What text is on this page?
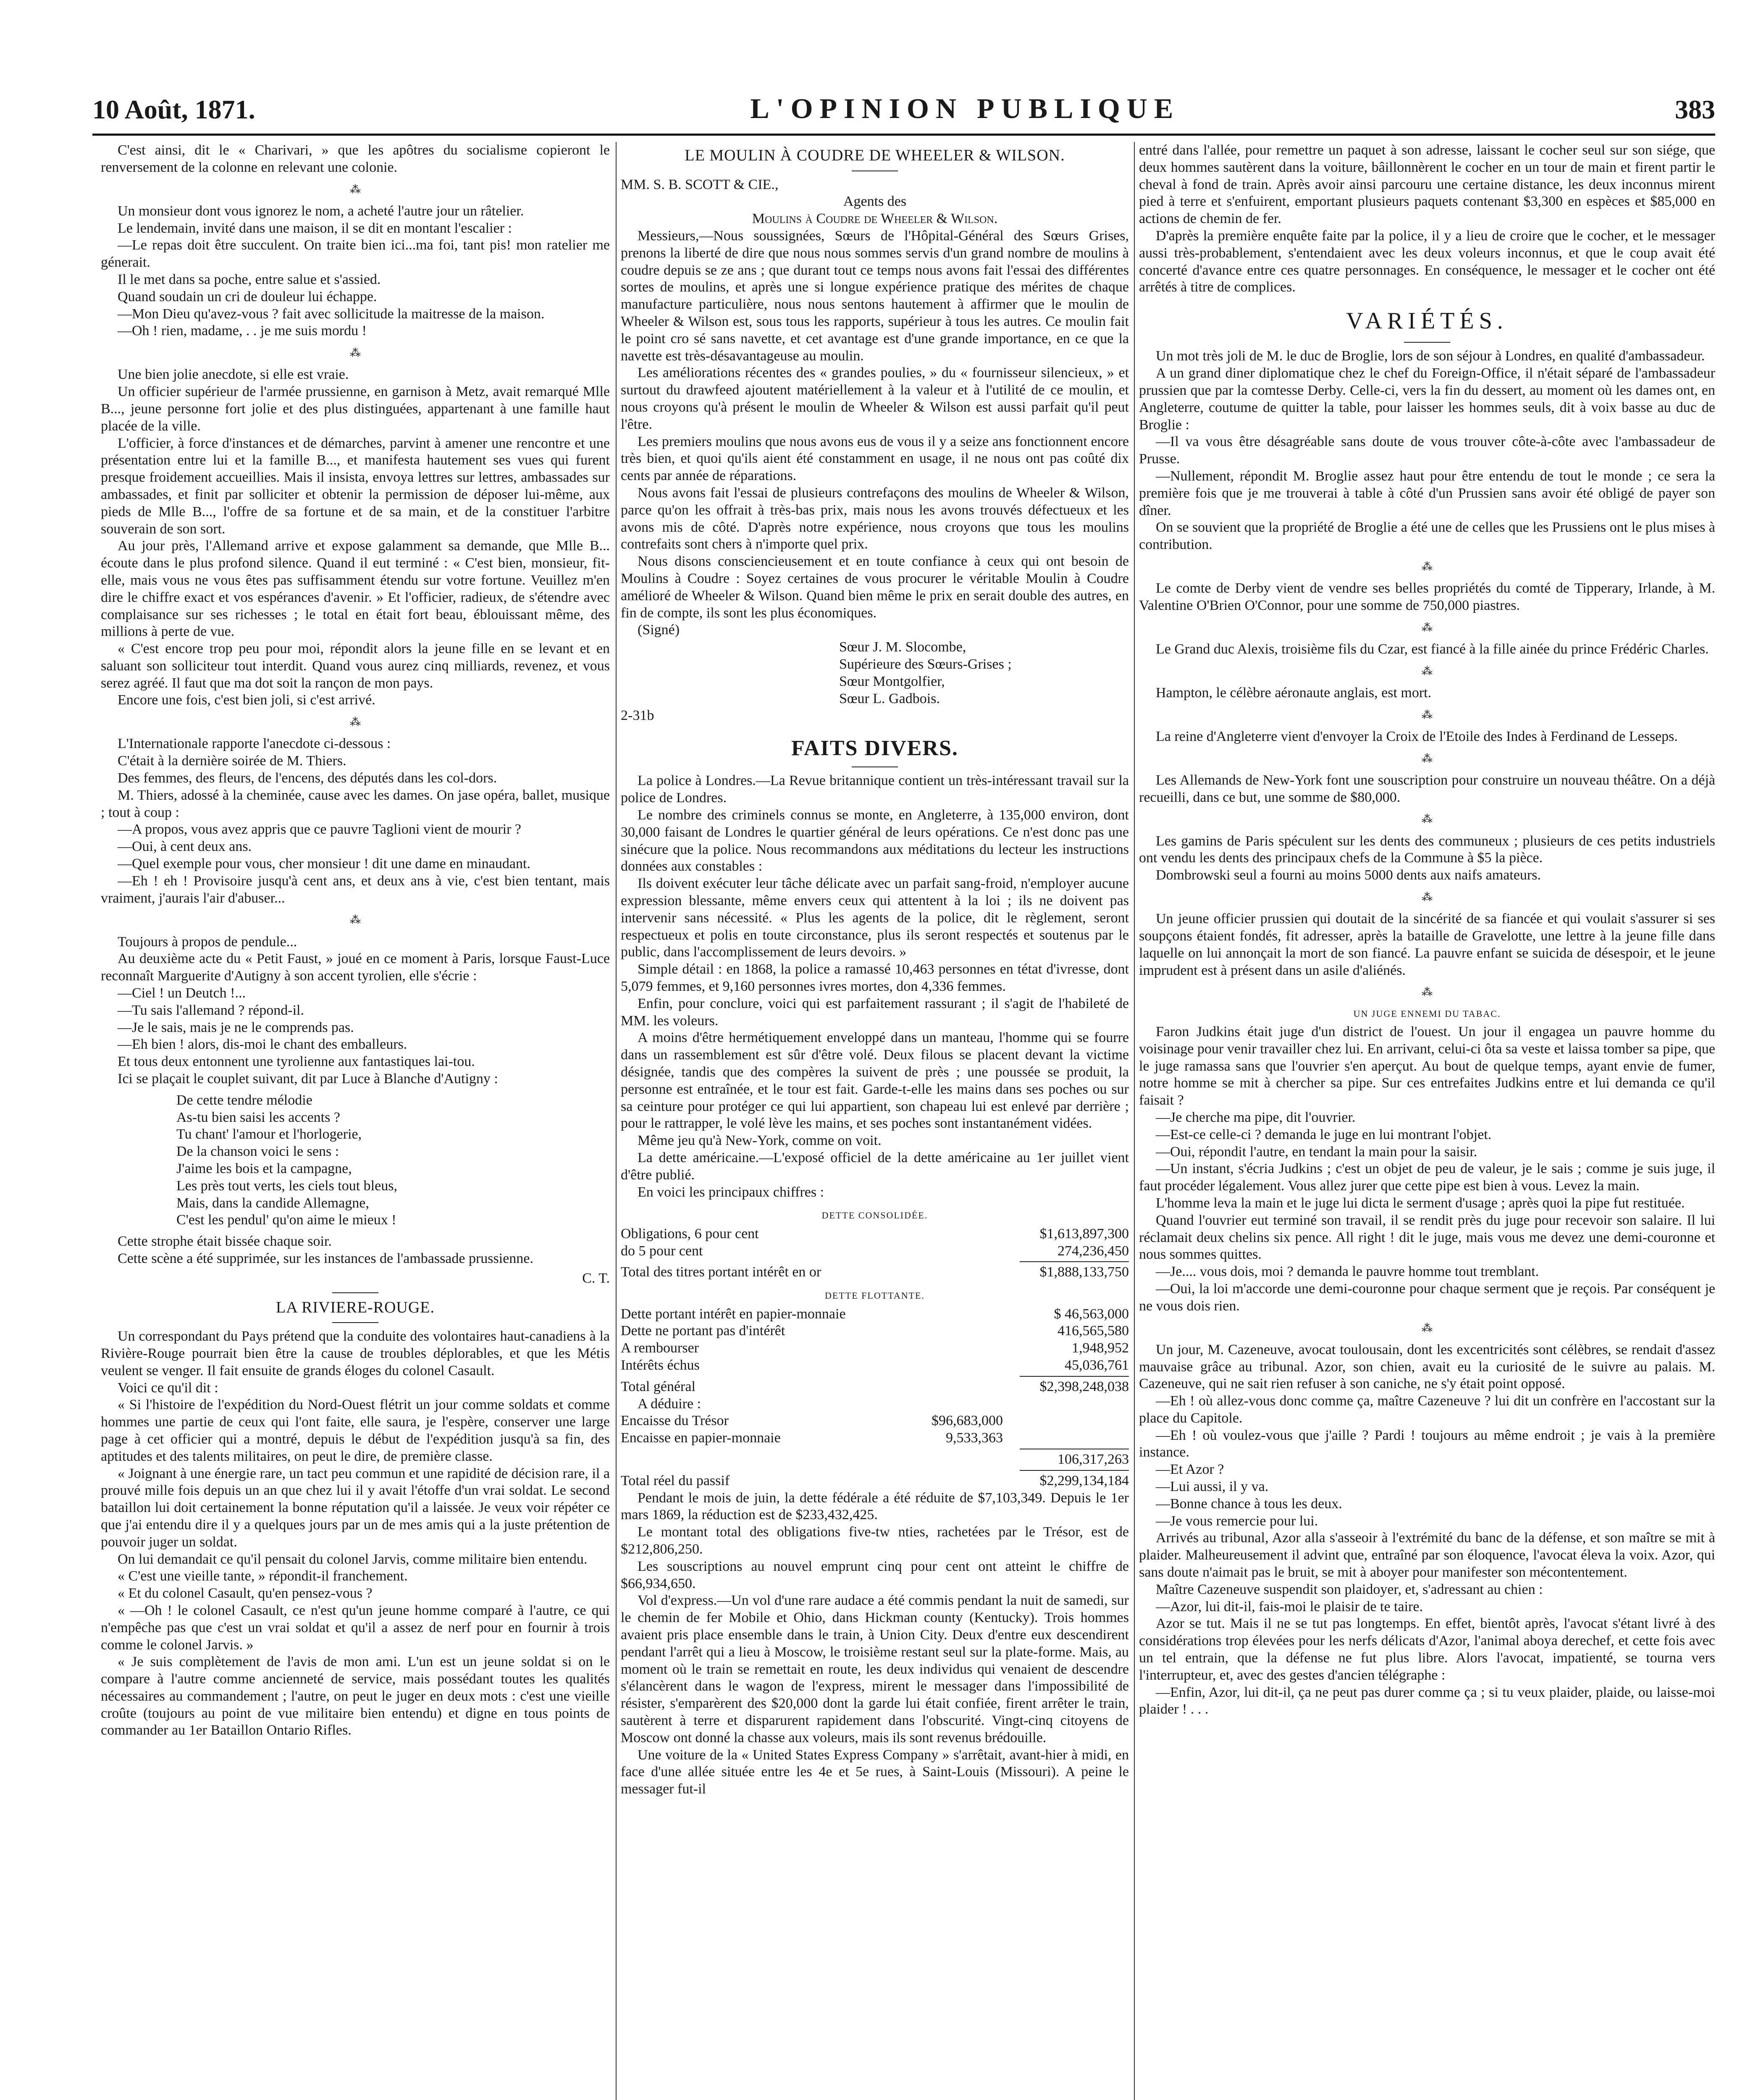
10 Août, 1871.	L'OPINION PUBLIQUE	383

C'est ainsi, dit le « Charivari, » que les apôtres du socialisme copieront le renversement de la colonne en relevant une colonie.

⁂

Un monsieur dont vous ignorez le nom, a acheté l'autre jour un râtelier.

Le lendemain, invité dans une maison, il se dit en montant l'escalier :

—Le repas doit être succulent. On traite bien ici...ma foi, tant pis! mon ratelier me génerait.

Il le met dans sa poche, entre salue et s'assied.

Quand soudain un cri de douleur lui échappe.

—Mon Dieu qu'avez-vous ? fait avec sollicitude la maitresse de la maison.

—Oh ! rien, madame, . . je me suis mordu !

⁂

Une bien jolie anecdote, si elle est vraie.

Un officier supérieur de l'armée prussienne, en garnison à Metz, avait remarqué Mlle B..., jeune personne fort jolie et des plus distinguées, appartenant à une famille haut placée de la ville.

L'officier, à force d'instances et de démarches, parvint à amener une rencontre et une présentation entre lui et la famille B..., et manifesta hautement ses vues qui furent presque froidement accueillies. Mais il insista, envoya lettres sur lettres, ambassades sur ambassades, et finit par solliciter et obtenir la permission de déposer lui-même, aux pieds de Mlle B..., l'offre de sa fortune et de sa main, et de la constituer l'arbitre souverain de son sort.

Au jour près, l'Allemand arrive et expose galamment sa demande, que Mlle B... écoute dans le plus profond silence. Quand il eut terminé : « C'est bien, monsieur, fit-elle, mais vous ne vous êtes pas suffisamment étendu sur votre fortune. Veuillez m'en dire le chiffre exact et vos espérances d'avenir. » Et l'officier, radieux, de s'étendre avec complaisance sur ses richesses ; le total en était fort beau, éblouissant même, des millions à perte de vue.

« C'est encore trop peu pour moi, répondit alors la jeune fille en se levant et en saluant son solliciteur tout interdit. Quand vous aurez cinq milliards, revenez, et vous serez agréé. Il faut que ma dot soit la rançon de mon pays.

Encore une fois, c'est bien joli, si c'est arrivé.

⁂

L'Internationale rapporte l'anecdote ci-dessous :

C'était à la dernière soirée de M. Thiers.

Des femmes, des fleurs, de l'encens, des députés dans les col-dors.

M. Thiers, adossé à la cheminée, cause avec les dames. On jase opéra, ballet, musique ; tout à coup :

—A propos, vous avez appris que ce pauvre Taglioni vient de mourir ?

—Oui, à cent deux ans.

—Quel exemple pour vous, cher monsieur ! dit une dame en minaudant.

—Eh ! eh ! Provisoire jusqu'à cent ans, et deux ans à vie, c'est bien tentant, mais vraiment, j'aurais l'air d'abuser...

⁂

Toujours à propos de pendule...

Au deuxième acte du « Petit Faust, » joué en ce moment à Paris, lorsque Faust-Luce reconnaît Marguerite d'Autigny à son accent tyrolien, elle s'écrie :

—Ciel ! un Deutch !...

—Tu sais l'allemand ? répond-il.

—Je le sais, mais je ne le comprends pas.

—Eh bien ! alors, dis-moi le chant des emballeurs.

Et tous deux entonnent une tyrolienne aux fantastiques lai-tou.

Ici se plaçait le couplet suivant, dit par Luce à Blanche d'Autigny :

De cette tendre mélodie
As-tu bien saisi les accents ?
Tu chant' l'amour et l'horlogerie,
De la chanson voici le sens :
J'aime les bois et la campagne,
Les près tout verts, les ciels tout bleus,
Mais, dans la candide Allemagne,
C'est les pendul' qu'on aime le mieux !

Cette strophe était bissée chaque soir.

Cette scène a été supprimée, sur les instances de l'ambassade prussienne.

C. T.
LA RIVIERE-ROUGE.

Un correspondant du Pays prétend que la conduite des volontaires haut-canadiens à la Rivière-Rouge pourrait bien être la cause de troubles déplorables, et que les Métis veulent se venger. Il fait ensuite de grands éloges du colonel Casault.

Voici ce qu'il dit :

« Si l'histoire de l'expédition du Nord-Ouest flétrit un jour comme soldats et comme hommes une partie de ceux qui l'ont faite, elle saura, je l'espère, conserver une large page à cet officier qui a montré, depuis le début de l'expédition jusqu'à sa fin, des aptitudes et des talents militaires, on peut le dire, de première classe.

« Joignant à une énergie rare, un tact peu commun et une rapidité de décision rare, il a prouvé mille fois depuis un an que chez lui il y avait l'étoffe d'un vrai soldat. Le second bataillon lui doit certainement la bonne réputation qu'il a laissée. Je veux voir répéter ce que j'ai entendu dire il y a quelques jours par un de mes amis qui a la juste prétention de pouvoir juger un soldat.

On lui demandait ce qu'il pensait du colonel Jarvis, comme militaire bien entendu.

« C'est une vieille tante, » répondit-il franchement.

« Et du colonel Casault, qu'en pensez-vous ?

« —Oh ! le colonel Casault, ce n'est qu'un jeune homme comparé à l'autre, ce qui n'empêche pas que c'est un vrai soldat et qu'il a assez de nerf pour en fournir à trois comme le colonel Jarvis. »

« Je suis complètement de l'avis de mon ami. L'un est un jeune soldat si on le compare à l'autre comme ancienneté de service, mais possédant toutes les qualités nécessaires au commandement ; l'autre, on peut le juger en deux mots : c'est une vieille croûte (toujours au point de vue militaire bien entendu) et digne en tous points de commander au 1er Bataillon Ontario Rifles.

LE MOULIN À COUDRE DE WHEELER & WILSON.

MM. S. B. SCOTT & CIE.,

Agents des
Moulins à Coudre de Wheeler & Wilson.

Messieurs,—Nous soussignées, Sœurs de l'Hôpital-Général des Sœurs Grises, prenons la liberté de dire que nous nous sommes servis d'un grand nombre de moulins à coudre depuis se ze ans ; que durant tout ce temps nous avons fait l'essai des différentes sortes de moulins, et après une si longue expérience pratique des mérites de chaque manufacture particulière, nous nous sentons hautement à affirmer que le moulin de Wheeler & Wilson est, sous tous les rapports, supérieur à tous les autres. Ce moulin fait le point cro sé sans navette, et cet avantage est d'une grande importance, en ce que la navette est très-désavantageuse au moulin.

Les améliorations récentes des « grandes poulies, » du « fournisseur silencieux, » et surtout du drawfeed ajoutent matériellement à la valeur et à l'utilité de ce moulin, et nous croyons qu'à présent le moulin de Wheeler & Wilson est aussi parfait qu'il peut l'être.

Les premiers moulins que nous avons eus de vous il y a seize ans fonctionnent encore très bien, et quoi qu'ils aient été constamment en usage, il ne nous ont pas coûté dix cents par année de réparations.

Nous avons fait l'essai de plusieurs contrefaçons des moulins de Wheeler & Wilson, parce qu'on les offrait à très-bas prix, mais nous les avons trouvés défectueux et les avons mis de côté. D'après notre expérience, nous croyons que tous les moulins contrefaits sont chers à n'importe quel prix.

Nous disons consciencieusement et en toute confiance à ceux qui ont besoin de Moulins à Coudre : Soyez certaines de vous procurer le véritable Moulin à Coudre amélioré de Wheeler & Wilson. Quand bien même le prix en serait double des autres, en fin de compte, ils sont les plus économiques.

(Signé)

Sœur J. M. Slocombe,
Supérieure des Sœurs-Grises ;
Sœur Montgolfier,
Sœur L. Gadbois.
2-31b
FAITS DIVERS.

La police à Londres.—La Revue britannique contient un très-intéressant travail sur la police de Londres.

Le nombre des criminels connus se monte, en Angleterre, à 135,000 environ, dont 30,000 faisant de Londres le quartier général de leurs opérations. Ce n'est donc pas une sinécure que la police. Nous recommandons aux méditations du lecteur les instructions données aux constables :

Ils doivent exécuter leur tâche délicate avec un parfait sang-froid, n'employer aucune expression blessante, même envers ceux qui attentent à la loi ; ils ne doivent pas intervenir sans nécessité. « Plus les agents de la police, dit le règlement, seront respectueux et polis en toute circonstance, plus ils seront respectés et soutenus par le public, dans l'accomplissement de leurs devoirs. »

Simple détail : en 1868, la police a ramassé 10,463 personnes en tétat d'ivresse, dont 5,079 femmes, et 9,160 personnes ivres mortes, don 4,336 femmes.

Enfin, pour conclure, voici qui est parfaitement rassurant ; il s'agit de l'habileté de MM. les voleurs.

A moins d'être hermétiquement enveloppé dans un manteau, l'homme qui se fourre dans un rassemblement est sûr d'être volé. Deux filous se placent devant la victime désignée, tandis que des compères la suivent de près ; une poussée se produit, la personne est entraînée, et le tour est fait. Garde-t-elle les mains dans ses poches ou sur sa ceinture pour protéger ce qui lui appartient, son chapeau lui est enlevé par derrière ; pour le rattrapper, le volé lève les mains, et ses poches sont instantanément vidées.

Même jeu qu'à New-York, comme on voit.

La dette américaine.—L'exposé officiel de la dette américaine au 1er juillet vient d'être publié.

En voici les principaux chiffres :

DETTE CONSOLIDÉE.
Obligations, 6 pour cent	$1,613,897,300
do 5 pour cent	274,236,450
Total des titres portant intérêt en or	$1,888,133,750
DETTE FLOTTANTE.
Dette portant intérêt en papier-monnaie	$ 46,563,000
Dette ne portant pas d'intérêt	416,565,580
A rembourser	1,948,952
Intérêts échus	45,036,761
Total général	$2,398,248,038

A déduire :

Encaisse du Trésor	$96,683,000
Encaisse en papier-monnaie	9,533,363
106,317,263
Total réel du passif	$2,299,134,184

Pendant le mois de juin, la dette fédérale a été réduite de $7,103,349. Depuis le 1er mars 1869, la réduction est de $233,432,425.

Le montant total des obligations five-tw nties, rachetées par le Trésor, est de $212,806,250.

Les souscriptions au nouvel emprunt cinq pour cent ont atteint le chiffre de $66,934,650.

Vol d'express.—Un vol d'une rare audace a été commis pendant la nuit de samedi, sur le chemin de fer Mobile et Ohio, dans Hickman county (Kentucky). Trois hommes avaient pris place ensemble dans le train, à Union City. Deux d'entre eux descendirent pendant l'arrêt qui a lieu à Moscow, le troisième restant seul sur la plate-forme. Mais, au moment où le train se remettait en route, les deux individus qui venaient de descendre s'élancèrent dans le wagon de l'express, mirent le messager dans l'impossibilité de résister, s'emparèrent des $20,000 dont la garde lui était confiée, firent arrêter le train, sautèrent à terre et disparurent rapidement dans l'obscurité. Vingt-cinq citoyens de Moscow ont donné la chasse aux voleurs, mais ils sont revenus brédouille.

Une voiture de la « United States Express Company » s'arrêtait, avant-hier à midi, en face d'une allée située entre les 4e et 5e rues, à Saint-Louis (Missouri). A peine le messager fut-il

entré dans l'allée, pour remettre un paquet à son adresse, laissant le cocher seul sur son siége, que deux hommes sautèrent dans la voiture, bâillonnèrent le cocher en un tour de main et firent partir le cheval à fond de train. Après avoir ainsi parcouru une certaine distance, les deux inconnus mirent pied à terre et s'enfuirent, emportant plusieurs paquets contenant $3,300 en espèces et $85,000 en actions de chemin de fer.

D'après la première enquête faite par la police, il y a lieu de croire que le cocher, et le messager aussi très-probablement, s'entendaient avec les deux voleurs inconnus, et que le coup avait été concerté d'avance entre ces quatre personnages. En conséquence, le messager et le cocher ont été arrêtés à titre de complices.

VARIÉTÉS.

Un mot très joli de M. le duc de Broglie, lors de son séjour à Londres, en qualité d'ambassadeur.

A un grand diner diplomatique chez le chef du Foreign-Office, il n'était séparé de l'ambassadeur prussien que par la comtesse Derby. Celle-ci, vers la fin du dessert, au moment où les dames ont, en Angleterre, coutume de quitter la table, pour laisser les hommes seuls, dit à voix basse au duc de Broglie :

—Il va vous être désagréable sans doute de vous trouver côte-à-côte avec l'ambassadeur de Prusse.

—Nullement, répondit M. Broglie assez haut pour être entendu de tout le monde ; ce sera la première fois que je me trouverai à table à côté d'un Prussien sans avoir été obligé de payer son dîner.

On se souvient que la propriété de Broglie a été une de celles que les Prussiens ont le plus mises à contribution.

⁂

Le comte de Derby vient de vendre ses belles propriétés du comté de Tipperary, Irlande, à M. Valentine O'Brien O'Connor, pour une somme de 750,000 piastres.

⁂

Le Grand duc Alexis, troisième fils du Czar, est fiancé à la fille ainée du prince Frédéric Charles.

⁂

Hampton, le célèbre aéronaute anglais, est mort.

⁂

La reine d'Angleterre vient d'envoyer la Croix de l'Etoile des Indes à Ferdinand de Lesseps.

⁂

Les Allemands de New-York font une souscription pour construire un nouveau théâtre. On a déjà recueilli, dans ce but, une somme de $80,000.

⁂

Les gamins de Paris spéculent sur les dents des communeux ; plusieurs de ces petits industriels ont vendu les dents des principaux chefs de la Commune à $5 la pièce.

Dombrowski seul a fourni au moins 5000 dents aux naifs amateurs.

⁂

Un jeune officier prussien qui doutait de la sincérité de sa fiancée et qui voulait s'assurer si ses soupçons étaient fondés, fit adresser, après la bataille de Gravelotte, une lettre à la jeune fille dans laquelle on lui annonçait la mort de son fiancé. La pauvre enfant se suicida de désespoir, et le jeune imprudent est à présent dans un asile d'aliénés.

⁂
UN JUGE ENNEMI DU TABAC.

Faron Judkins était juge d'un district de l'ouest. Un jour il engagea un pauvre homme du voisinage pour venir travailler chez lui. En arrivant, celui-ci ôta sa veste et laissa tomber sa pipe, que le juge ramassa sans que l'ouvrier s'en aperçut. Au bout de quelque temps, ayant envie de fumer, notre homme se mit à chercher sa pipe. Sur ces entrefaites Judkins entre et lui demanda ce qu'il faisait ?

—Je cherche ma pipe, dit l'ouvrier.

—Est-ce celle-ci ? demanda le juge en lui montrant l'objet.

—Oui, répondit l'autre, en tendant la main pour la saisir.

—Un instant, s'écria Judkins ; c'est un objet de peu de valeur, je le sais ; comme je suis juge, il faut procéder légalement. Vous allez jurer que cette pipe est bien à vous. Levez la main.

L'homme leva la main et le juge lui dicta le serment d'usage ; après quoi la pipe fut restituée.

Quand l'ouvrier eut terminé son travail, il se rendit près du juge pour recevoir son salaire. Il lui réclamait deux chelins six pence. All right ! dit le juge, mais vous me devez une demi-couronne et nous sommes quittes.

—Je.... vous dois, moi ? demanda le pauvre homme tout tremblant.

—Oui, la loi m'accorde une demi-couronne pour chaque serment que je reçois. Par conséquent je ne vous dois rien.

⁂

Un jour, M. Cazeneuve, avocat toulousain, dont les excentricités sont célèbres, se rendait d'assez mauvaise grâce au tribunal. Azor, son chien, avait eu la curiosité de le suivre au palais. M. Cazeneuve, qui ne sait rien refuser à son caniche, ne s'y était point opposé.

—Eh ! où allez-vous donc comme ça, maître Cazeneuve ? lui dit un confrère en l'accostant sur la place du Capitole.

—Eh ! où voulez-vous que j'aille ? Pardi ! toujours au même endroit ; je vais à la première instance.

—Et Azor ?

—Lui aussi, il y va.

—Bonne chance à tous les deux.

—Je vous remercie pour lui.

Arrivés au tribunal, Azor alla s'asseoir à l'extrémité du banc de la défense, et son maître se mit à plaider. Malheureusement il advint que, entraîné par son éloquence, l'avocat éleva la voix. Azor, qui sans doute n'aimait pas le bruit, se mit à aboyer pour manifester son mécontentement.

Maître Cazeneuve suspendit son plaidoyer, et, s'adressant au chien :

—Azor, lui dit-il, fais-moi le plaisir de te taire.

Azor se tut. Mais il ne se tut pas longtemps. En effet, bientôt après, l'avocat s'étant livré à des considérations trop élevées pour les nerfs délicats d'Azor, l'animal aboya derechef, et cette fois avec un tel entrain, que la défense ne fut plus libre. Alors l'avocat, impatienté, se tourna vers l'interrupteur, et, avec des gestes d'ancien télégraphe :

—Enfin, Azor, lui dit-il, ça ne peut pas durer comme ça ; si tu veux plaider, plaide, ou laisse-moi plaider ! . . .
